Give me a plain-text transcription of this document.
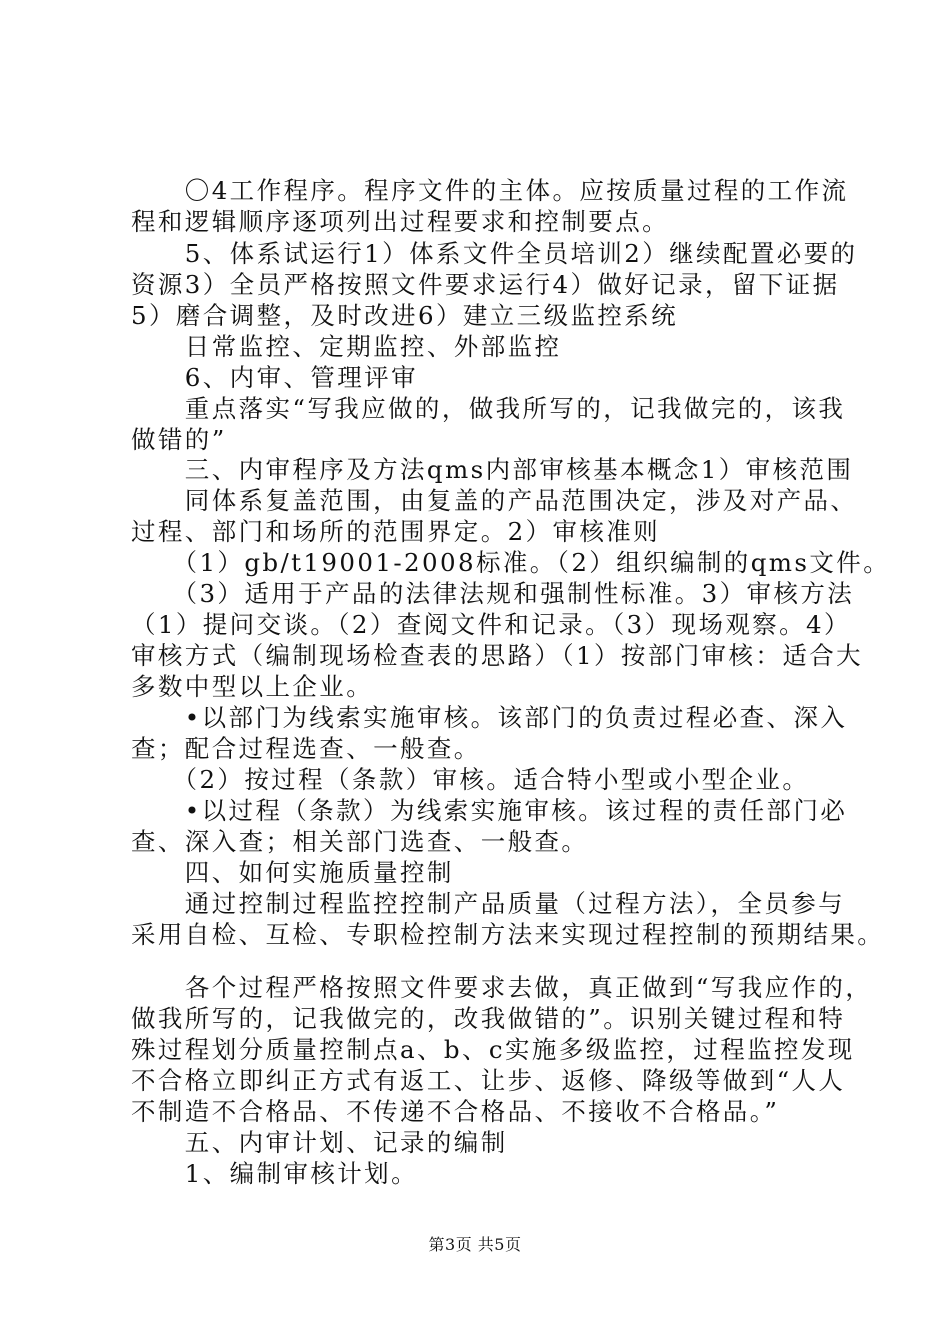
　　〇4工作程序。程序文件的主体。应按质量过程的工作流
程和逻辑顺序逐项列出过程要求和控制要点。
　　5、体系试运行1）体系文件全员培训2）继续配置必要的
资源3）全员严格按照文件要求运行4）做好记录，留下证据
5）磨合调整，及时改进6）建立三级监控系统
　　日常监控、定期监控、外部监控
　　6、内审、管理评审
　　重点落实“写我应做的，做我所写的，记我做完的，该我
做错的”
　　三、内审程序及方法qms内部审核基本概念1）审核范围
　　同体系复盖范围，由复盖的产品范围决定，涉及对产品、
过程、部门和场所的范围界定。2）审核准则
　　（1）gb/t19001-2008标准。（2）组织编制的qms文件。
　　（3）适用于产品的法律法规和强制性标准。3）审核方法
（1）提问交谈。（2）查阅文件和记录。（3）现场观察。4）
审核方式（编制现场检查表的思路）（1）按部门审核：适合大
多数中型以上企业。
　　•以部门为线索实施审核。该部门的负责过程必查、深入
查；配合过程选查、一般查。
　　（2）按过程（条款）审核。适合特小型或小型企业。
　　•以过程（条款）为线索实施审核。该过程的责任部门必
查、深入查；相关部门选查、一般查。
　　四、如何实施质量控制
　　通过控制过程监控控制产品质量（过程方法），全员参与
采用自检、互检、专职检控制方法来实现过程控制的预期结果。
　　各个过程严格按照文件要求去做，真正做到“写我应作的，
做我所写的，记我做完的，改我做错的”。识别关键过程和特
殊过程划分质量控制点a、b、c实施多级监控，过程监控发现
不合格立即纠正方式有返工、让步、返修、降级等做到“人人
不制造不合格品、不传递不合格品、不接收不合格品。”
　　五、内审计划、记录的编制
　　1、编制审核计划。
第3页 共5页
